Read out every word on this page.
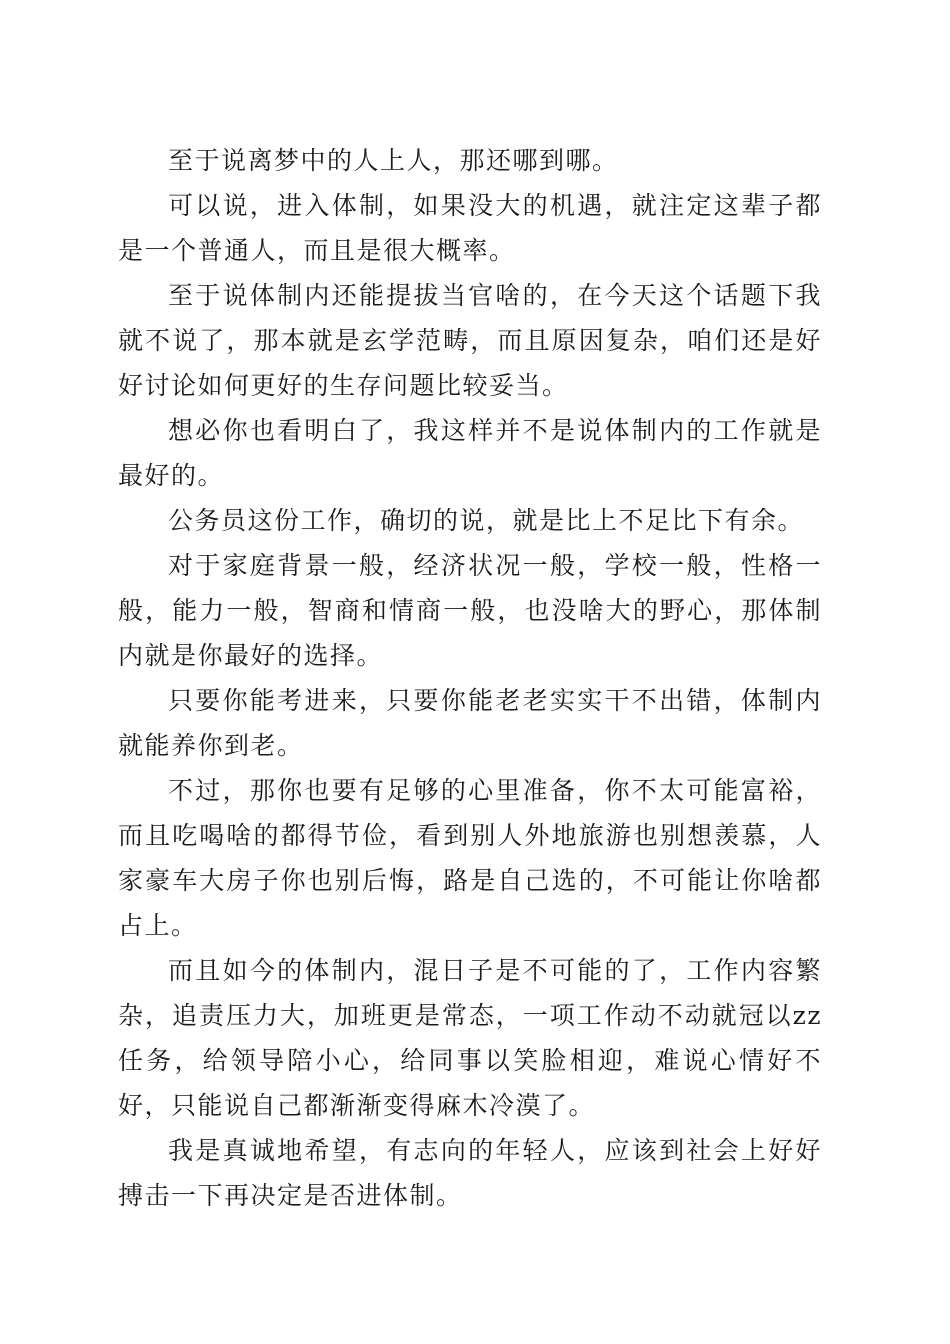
至于说离梦中的人上人，那还哪到哪。

可以说，进入体制，如果没大的机遇，就注定这辈子都是一个普通人，而且是很大概率。

至于说体制内还能提拔当官啥的，在今天这个话题下我就不说了，那本就是玄学范畴，而且原因复杂，咱们还是好好讨论如何更好的生存问题比较妥当。

想必你也看明白了，我这样并不是说体制内的工作就是最好的。

公务员这份工作，确切的说，就是比上不足比下有余。

对于家庭背景一般，经济状况一般，学校一般，性格一般，能力一般，智商和情商一般，也没啥大的野心，那体制内就是你最好的选择。

只要你能考进来，只要你能老老实实干不出错，体制内就能养你到老。

不过，那你也要有足够的心里准备，你不太可能富裕，而且吃喝啥的都得节俭，看到别人外地旅游也别想羡慕，人家豪车大房子你也别后悔，路是自己选的，不可能让你啥都占上。

而且如今的体制内，混日子是不可能的了，工作内容繁杂，追责压力大，加班更是常态，一项工作动不动就冠以zz任务，给领导陪小心，给同事以笑脸相迎，难说心情好不好，只能说自己都渐渐变得麻木冷漠了。

我是真诚地希望，有志向的年轻人，应该到社会上好好搏击一下再决定是否进体制。
